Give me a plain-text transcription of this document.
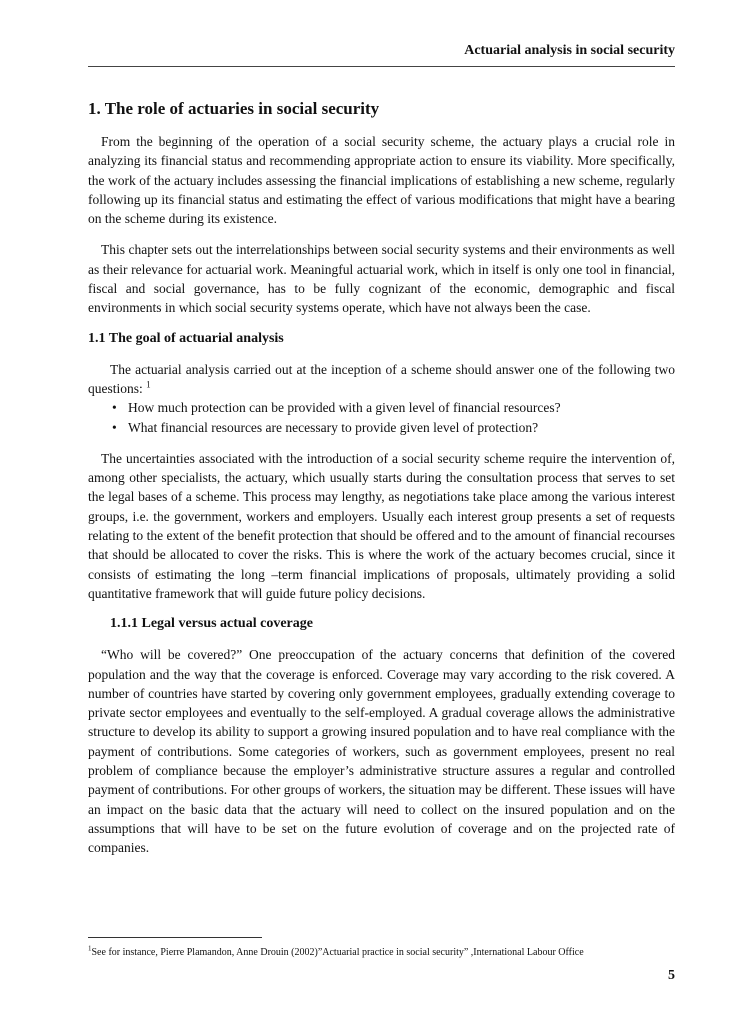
Actuarial analysis in social security
1. The role of actuaries in social security

From the beginning of the operation of a social security scheme, the actuary plays a crucial role in analyzing its financial status and recommending appropriate action to ensure its viability. More specifically, the work of the actuary includes assessing the financial implications of establishing a new scheme, regularly following up its financial status and estimating the effect of various modifications that might have a bearing on the scheme during its existence.

This chapter sets out the interrelationships between social security systems and their environments as well as their relevance for actuarial work. Meaningful actuarial work, which in itself is only one tool in financial, fiscal and social governance, has to be fully cognizant of the economic, demographic and fiscal environments in which social security systems operate, which have not always been the case.

1.1 The goal of actuarial analysis

The actuarial analysis carried out at the inception of a scheme should answer one of the following two questions: $^1$

• How much protection can be provided with a given level of financial resources?
• What financial resources are necessary to provide given level of protection?

The uncertainties associated with the introduction of a social security scheme require the intervention of, among other specialists, the actuary, which usually starts during the consultation process that serves to set the legal bases of a scheme. This process may lengthy, as negotiations take place among the various interest groups, i.e. the government, workers and employers. Usually each interest group presents a set of requests relating to the extent of the benefit protection that should be offered and to the amount of financial recourses that should be allocated to cover the risks. This is where the work of the actuary becomes crucial, since it consists of estimating the long –term financial implications of proposals, ultimately providing a solid quantitative framework that will guide future policy decisions.

1.1.1 Legal versus actual coverage

“Who will be covered?” One preoccupation of the actuary concerns that definition of the covered population and the way that the coverage is enforced. Coverage may vary according to the risk covered. A number of countries have started by covering only government employees, gradually extending coverage to private sector employees and eventually to the self-employed. A gradual coverage allows the administrative structure to develop its ability to support a growing insured population and to have real compliance with the payment of contributions. Some categories of workers, such as government employees, present no real problem of compliance because the employer’s administrative structure assures a regular and controlled payment of contributions. For other groups of workers, the situation may be different. These issues will have an impact on the basic data that the actuary will need to collect on the insured population and on the assumptions that will have to be set on the future evolution of coverage and on the projected rate of companies.

$^1$See for instance, Pierre Plamandon, Anne Drouin (2002)”Actuarial practice in social security” ,International Labour Office
5
